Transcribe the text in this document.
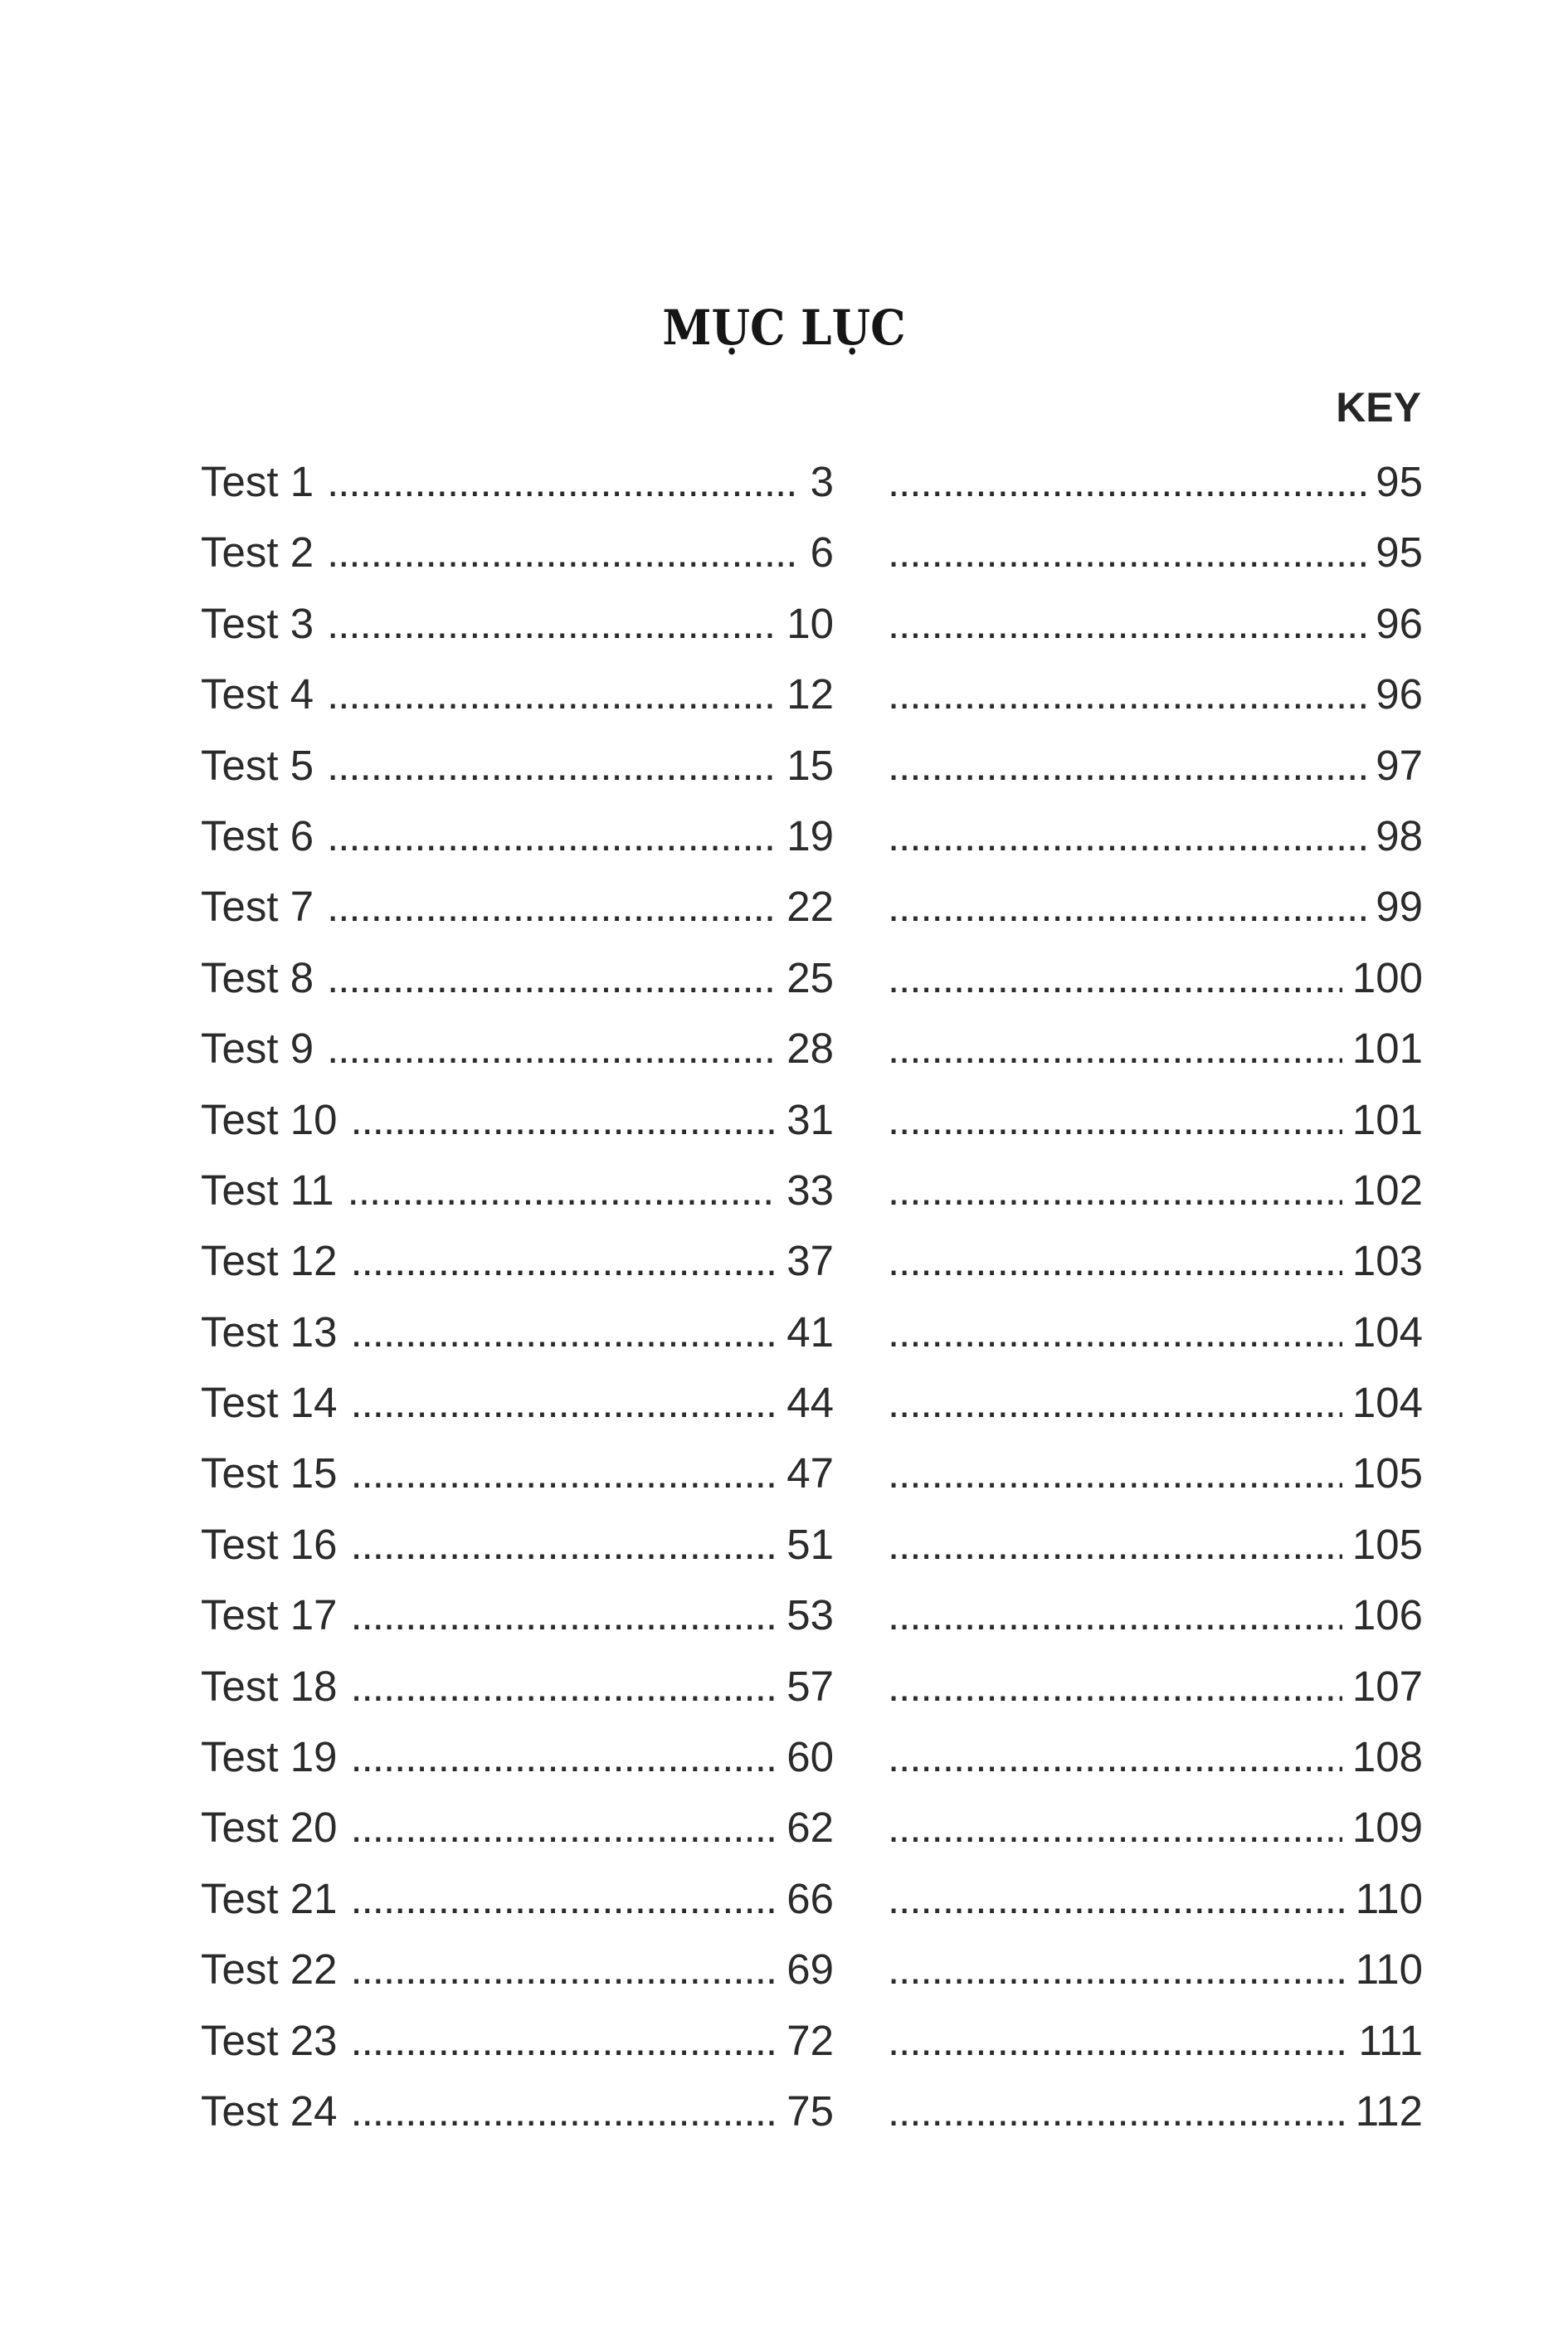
MỤC LỤC
KEY
Test 1 .....	3 .....	95
Test 2 .....	6 .....	95
Test 3 .....	10 .....	96
Test 4 .....	12 .....	96
Test 5 .....	15 .....	97
Test 6 .....	19 .....	98
Test 7 .....	22 .....	99
Test 8 .....	25 .....	100
Test 9 .....	28 .....	101
Test 10 .....	31 .....	101
Test 11 .....	33 .....	102
Test 12 .....	37 .....	103
Test 13 .....	41 .....	104
Test 14 .....	44 .....	104
Test 15 .....	47 .....	105
Test 16 .....	51 .....	105
Test 17 .....	53 .....	106
Test 18 .....	57 .....	107
Test 19 .....	60 .....	108
Test 20 .....	62 .....	109
Test 21 .....	66 .....	110
Test 22 .....	69 .....	110
Test 23 .....	72 .....	111
Test 24 .....	75 .....	112
